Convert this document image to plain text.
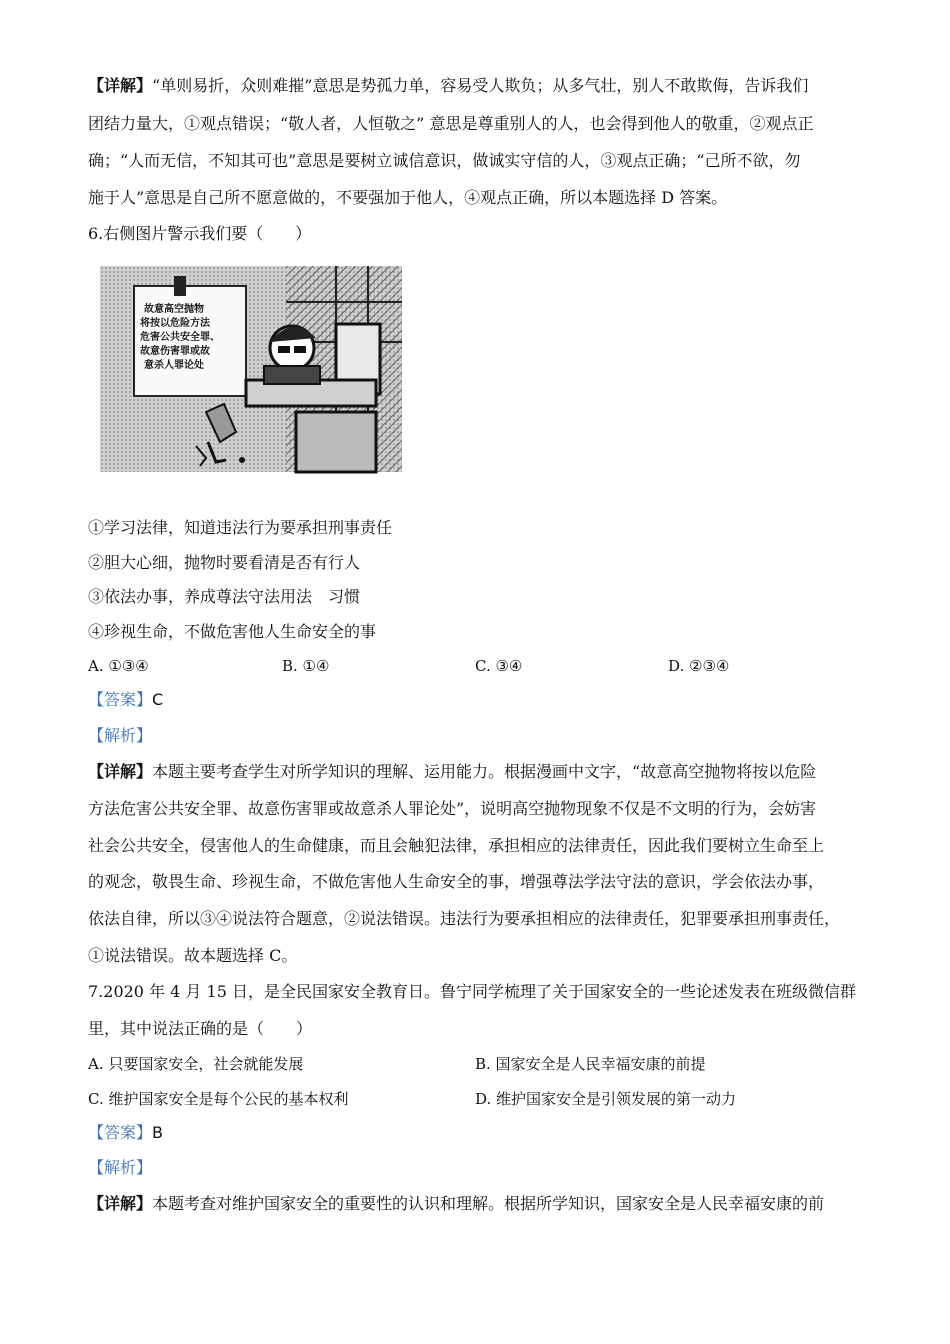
【详解】“单则易折，众则难摧”意思是势孤力单，容易受人欺负；从多气壮，别人不敢欺侮，告诉我们
团结力量大，①观点错误；“敬人者，人恒敬之” 意思是尊重别人的人，也会得到他人的敬重，②观点正
确；“人而无信，不知其可也”意思是要树立诚信意识，做诚实守信的人，③观点正确；“己所不欲，勿
施于人”意思是自己所不愿意做的，不要强加于他人，④观点正确，所以本题选择 D 答案。
6.右侧图片警示我们要（　　）
故意高空抛物
将按以危险方法
危害公共安全罪、
故意伤害罪或故
意杀人罪论处
①学习法律，知道违法行为要承担刑事责任
②胆大心细，抛物时要看清是否有行人
③依法办事，养成尊法守法用法　习惯
④珍视生命，不做危害他人生命安全的事
A. ①③④	B. ①④	C. ③④	D. ②③④
【答案】C
【解析】
【详解】本题主要考查学生对所学知识的理解、运用能力。根据漫画中文字，“故意高空抛物将按以危险
方法危害公共安全罪、故意伤害罪或故意杀人罪论处”，说明高空抛物现象不仅是不文明的行为，会妨害
社会公共安全，侵害他人的生命健康，而且会触犯法律，承担相应的法律责任，因此我们要树立生命至上
的观念，敬畏生命、珍视生命，不做危害他人生命安全的事，增强尊法学法守法的意识，学会依法办事，
依法自律，所以③④说法符合题意，②说法错误。违法行为要承担相应的法律责任，犯罪要承担刑事责任，
①说法错误。故本题选择 C。
7.2020 年 4 月 15 日，是全民国家安全教育日。鲁宁同学梳理了关于国家安全的一些论述发表在班级微信群
里，其中说法正确的是（　　）
A. 只要国家安全，社会就能发展	B. 国家安全是人民幸福安康的前提
C. 维护国家安全是每个公民的基本权利	D. 维护国家安全是引领发展的第一动力
【答案】B
【解析】
【详解】本题考查对维护国家安全的重要性的认识和理解。根据所学知识，国家安全是人民幸福安康的前
